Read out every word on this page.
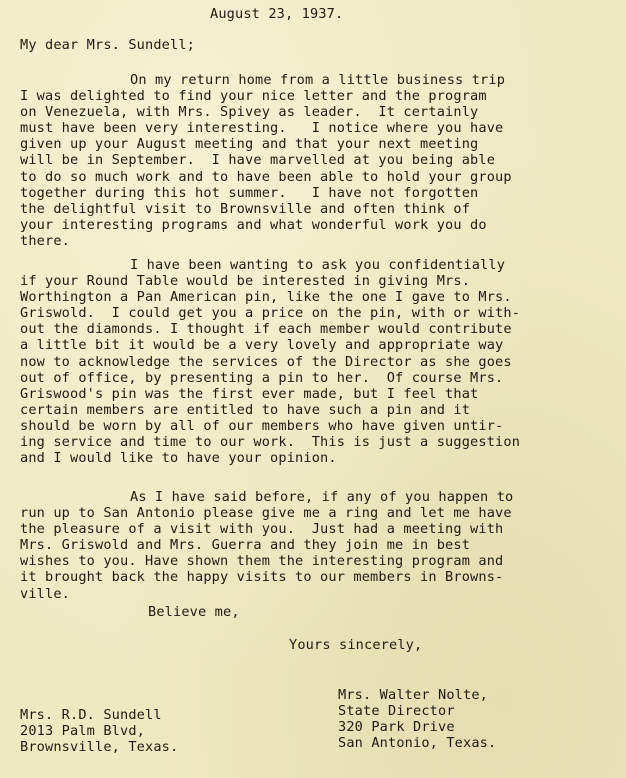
August 23, 1937.

My dear Mrs. Sundell;

On my return home from a little business trip
I was delighted to find your nice letter and the program
on Venezuela, with Mrs. Spivey as leader.  It certainly
must have been very interesting.   I notice where you have
given up your August meeting and that your next meeting
will be in September.  I have marvelled at you being able
to do so much work and to have been able to hold your group
together during this hot summer.   I have not forgotten
the delightful visit to Brownsville and often think of
your interesting programs and what wonderful work you do
there.
I have been wanting to ask you confidentially
if your Round Table would be interested in giving Mrs.
Worthington a Pan American pin, like the one I gave to Mrs.
Griswold.  I could get you a price on the pin, with or with-
out the diamonds. I thought if each member would contribute
a little bit it would be a very lovely and appropriate way
now to acknowledge the services of the Director as she goes
out of office, by presenting a pin to her.  Of course Mrs.
Griswood's pin was the first ever made, but I feel that
certain members are entitled to have such a pin and it
should be worn by all of our members who have given untir-
ing service and time to our work.  This is just a suggestion
and I would like to have your opinion.
As I have said before, if any of you happen to
run up to San Antonio please give me a ring and let me have
the pleasure of a visit with you.  Just had a meeting with
Mrs. Griswold and Mrs. Guerra and they join me in best
wishes to you. Have shown them the interesting program and
it brought back the happy visits to our members in Browns-
ville.

Believe me,

Yours sincerely,

Mrs. Walter Nolte,
State Director
320 Park Drive
San Antonio, Texas.
Mrs. R.D. Sundell
2013 Palm Blvd,
Brownsville, Texas.
